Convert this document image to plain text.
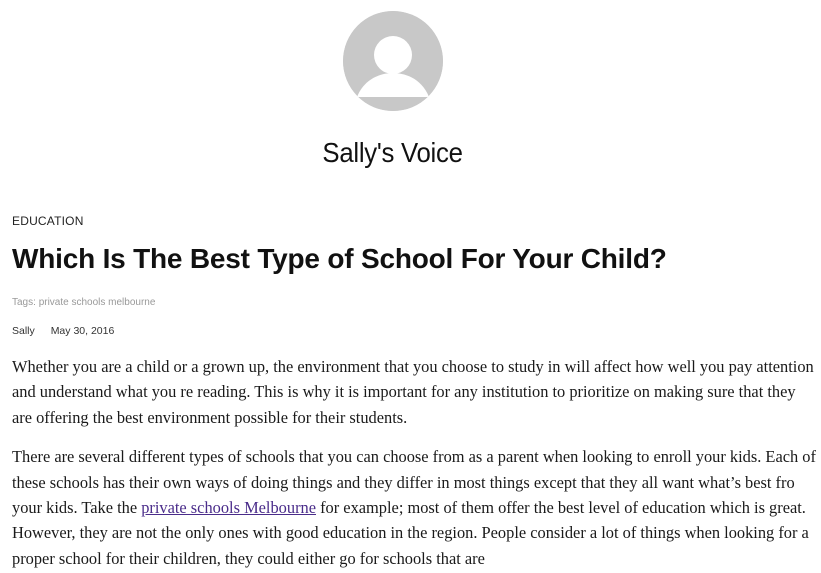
Sally's Voice
EDUCATION
Which Is The Best Type of School For Your Child?
Tags: private schools melbourne
Sally May 30, 2016

Whether you are a child or a grown up, the environment that you choose to study in will affect how well you pay attention and understand what you re reading. This is why it is important for any institution to prioritize on making sure that they are offering the best environment possible for their students.

There are several different types of schools that you can choose from as a parent when looking to enroll your kids. Each of these schools has their own ways of doing things and they differ in most things except that they all want what’s best fro your kids. Take the private schools Melbourne for example; most of them offer the best level of education which is great. However, they are not the only ones with good education in the region. People consider a lot of things when looking for a proper school for their children, they could either go for schools that are
